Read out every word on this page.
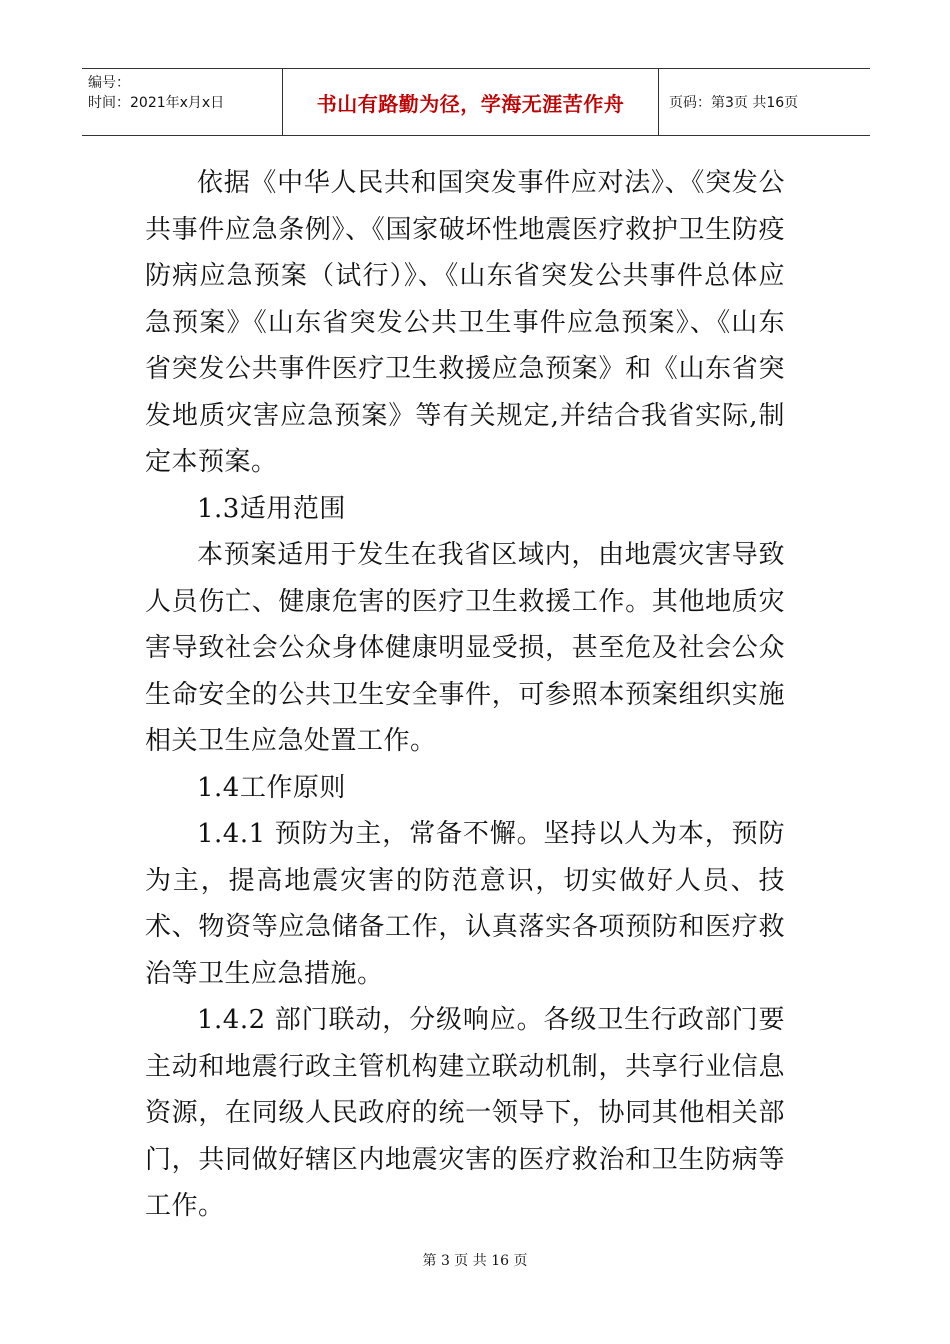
编号：
时间：2021年x月x日	书山有路勤为径，学海无涯苦作舟	页码：第3页 共16页

依据《中华人民共和国突发事件应对法》、《突发公共事件应急条例》、《国家破坏性地震医疗救护卫生防疫防病应急预案（试行）》、《山东省突发公共事件总体应急预案》《山东省突发公共卫生事件应急预案》、《山东省突发公共事件医疗卫生救援应急预案》和《山东省突发地质灾害应急预案》等有关规定,并结合我省实际,制定本预案。

1.3适用范围

本预案适用于发生在我省区域内，由地震灾害导致人员伤亡、健康危害的医疗卫生救援工作。其他地质灾害导致社会公众身体健康明显受损，甚至危及社会公众生命安全的公共卫生安全事件，可参照本预案组织实施相关卫生应急处置工作。

1.4工作原则

1.4.1 预防为主，常备不懈。坚持以人为本，预防为主，提高地震灾害的防范意识，切实做好人员、技术、物资等应急储备工作，认真落实各项预防和医疗救治等卫生应急措施。

1.4.2 部门联动，分级响应。各级卫生行政部门要主动和地震行政主管机构建立联动机制，共享行业信息资源，在同级人民政府的统一领导下，协同其他相关部门，共同做好辖区内地震灾害的医疗救治和卫生防病等工作。

第 3 页 共 16 页
